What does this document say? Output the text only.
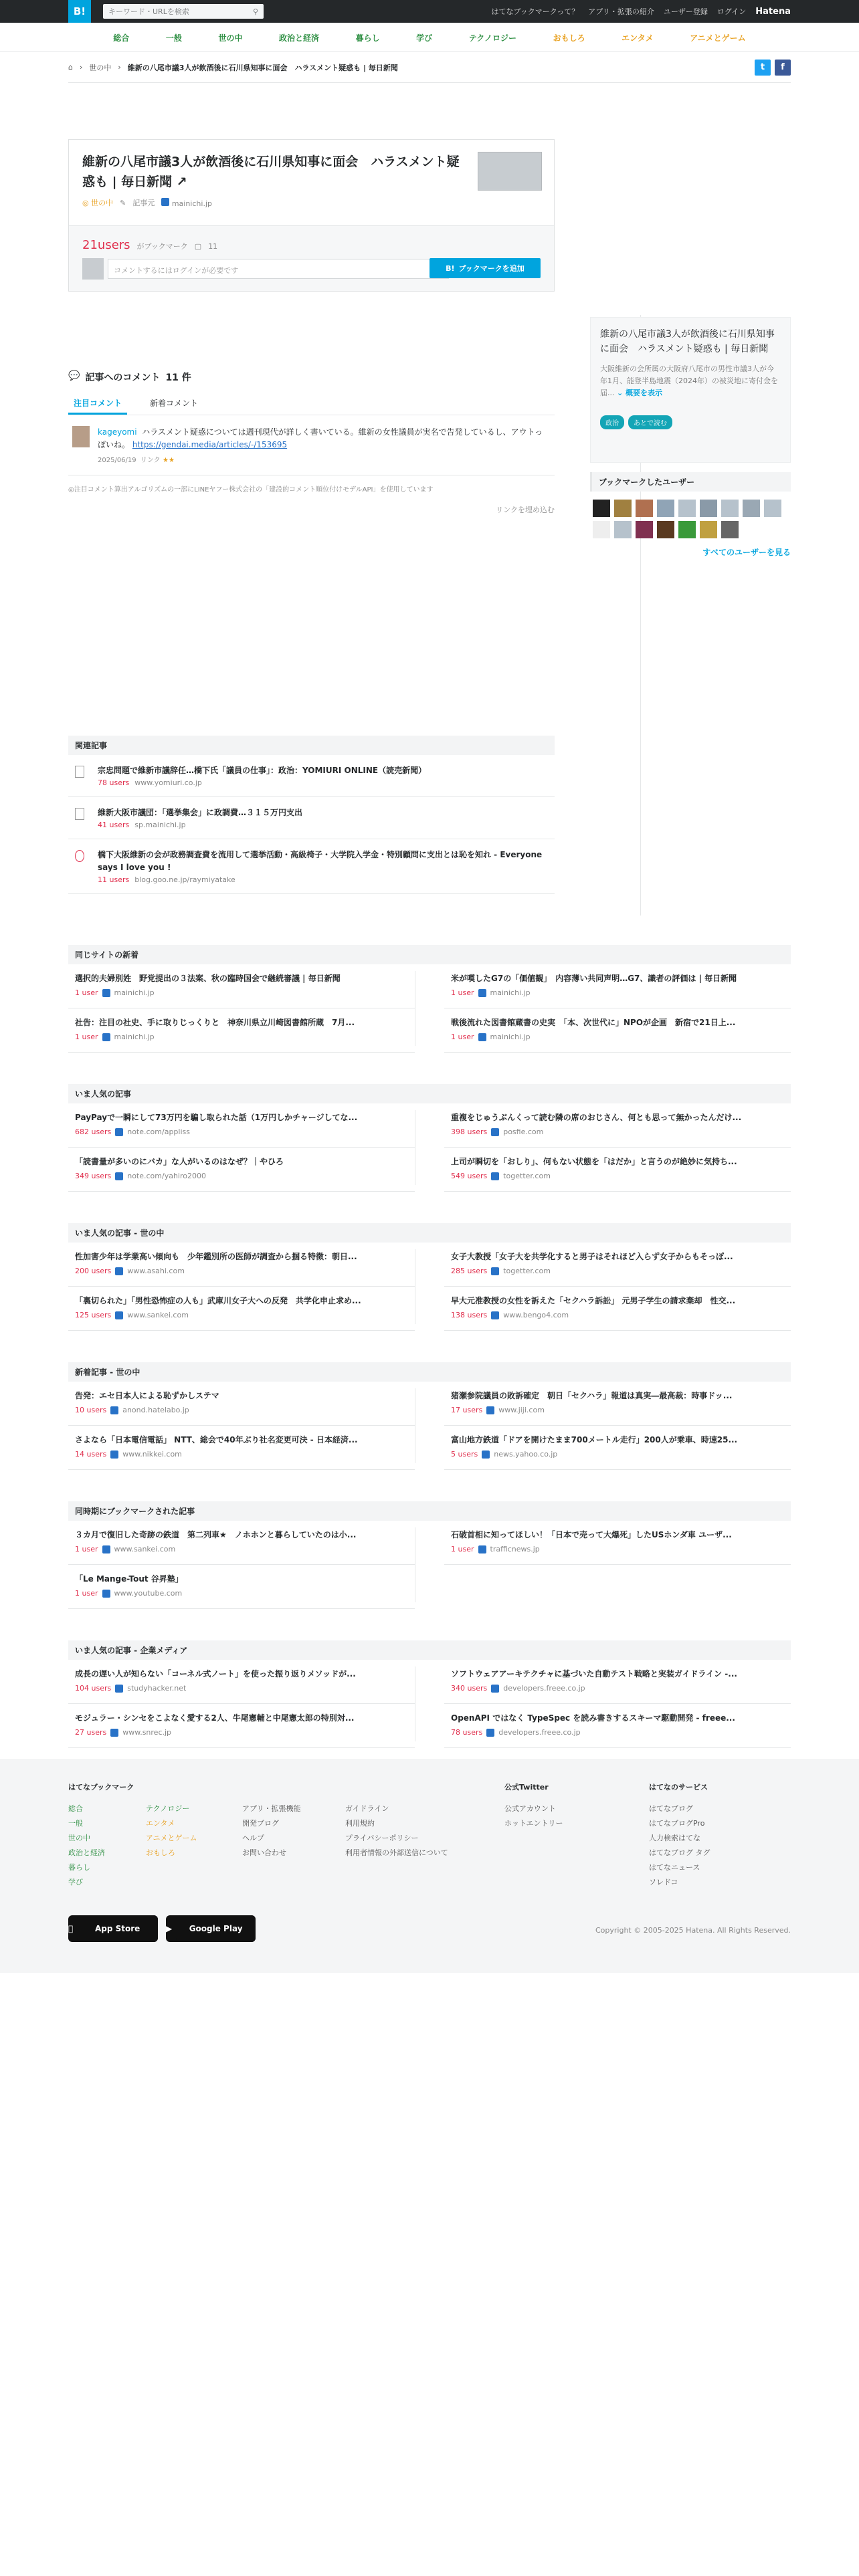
B!	キーワード・URLを検索	⚲	はてなブックマークって？ アプリ・拡張の紹介 ユーザー登録 ログイン Hatena
総合	一般	世の中	政治と経済	暮らし	学び	テクノロジー	おもしろ	エンタメ	アニメとゲーム
⌂ › 世の中 › 維新の八尾市議3人が飲酒後に石川県知事に面会　ハラスメント疑惑も | 毎日新聞	t	f
維新の八尾市議3人が飲酒後に石川県知事に面会　ハラスメント疑惑も | 毎日新聞 ↗
◎ 世の中 ✎ 記事元	mainichi.jp
21users がブックマーク ▢ 11
コメントするにはログインが必要です	B! ブックマークを追加
維新の八尾市議3人が飲酒後に石川県知事に面会　ハラスメント疑惑も | 毎日新聞

大阪維新の会所属の大阪府八尾市の男性市議3人が今年1月、能登半島地震（2024年）の被災地に寄付金を届... ⌄ 概要を表示

政治	あとで読む
ブックマークしたユーザー
すべてのユーザーを見る
💬 記事へのコメント 11 件
注目コメント	新着コメント
kageyomi ハラスメント疑惑については週刊現代が詳しく書いている。維新の女性議員が実名で告発しているし、アウトっぽいね。 https://gendai.media/articles/-/153695
2025/06/19 リンク ★★
◎注目コメント算出アルゴリズムの一部にLINEヤフー株式会社の「建設的コメント順位付けモデルAPI」を使用しています
リンクを埋め込む
関連記事
宗忠問題で維新市議辞任…橋下氏「議員の仕事」：政治：YOMIURI ONLINE（読売新聞）
78 users www.yomiuri.co.jp
維新大阪市議団：「選挙集会」に政調費…３１５万円支出
41 users sp.mainichi.jp
橋下大阪維新の会が政務調査費を流用して選挙活動・高級椅子・大学院入学金・特別顧問に支出とは恥を知れ - Everyone says I love you !
11 users blog.goo.ne.jp/raymiyatake
同じサイトの新着
選択的夫婦別姓　野党提出の３法案、秋の臨時国会で継続審議 | 毎日新聞
1 user mainichi.jp
米が嘆したG7の「価値観」　内容薄い共同声明…G7、識者の評価は | 毎日新聞
1 user mainichi.jp
社告：注目の社史、手に取りじっくりと　神奈川県立川崎図書館所蔵　7月...
1 user mainichi.jp
戦後流れた図書館蔵書の史実　「本、次世代に」NPOが企画　新宿で21日上...
1 user mainichi.jp
いま人気の記事
PayPayで一瞬にして73万円を騙し取られた話（1万円しかチャージしてな...
682 users note.com/appliss
重複をじゅうぶんくって読む隣の席のおじさん、何とも思って無かったんだけ...
398 users posfie.com
「読書量が多いのにバカ」な人がいるのはなぜ？｜やひろ
349 users note.com/yahiro2000
上司が瞬切を「おしり」、何もない状態を「はだか」と言うのが絶妙に気持ち...
549 users togetter.com
いま人気の記事 - 世の中
性加害少年は学業高い傾向も　少年鑑別所の医師が調査から掴る特徴：朝日...
200 users www.asahi.com
女子大教授「女子大を共学化すると男子はそれほど入らず女子からもそっぽ...
285 users togetter.com
「裏切られた」「男性恐怖症の人も」武庫川女子大への反発　共学化申止求め...
125 users www.sankei.com
早大元准教授の女性を訴えた「セクハラ訴訟」 元男子学生の請求棄却　性交...
138 users www.bengo4.com
新着記事 - 世の中
告発：エセ日本人による恥ずかしステマ
10 users anond.hatelabo.jp
猪瀬参院議員の敗訴確定　朝日「セクハラ」報道は真実―最高裁：時事ドッ...
17 users www.jiji.com
さよなら「日本電信電話」 NTT、総会で40年ぶり社名変更可決 - 日本経済...
14 users www.nikkei.com
富山地方鉄道「ドアを開けたまま700メートル走行」200人が乗車、時速25...
5 users news.yahoo.co.jp
同時期にブックマークされた記事
３カ月で復旧した奇跡の鉄道　第二列車★　ノホホンと暮らしていたのは小...
1 user www.sankei.com
石破首相に知ってほしい！「日本で売って大爆死」したUSホンダ車 ユーザ...
1 user trafficnews.jp
「Le Mange-Tout 谷昇塾」
1 user www.youtube.com
いま人気の記事 - 企業メディア
成長の遅い人が知らない「コーネル式ノート」を使った振り返りメソッドが...
104 users studyhacker.net
ソフトウェアアーキテクチャに基づいた自動テスト戦略と実装ガイドライン -...
340 users developers.freee.co.jp
モジュラー・シンセをこよなく愛する2人、牛尾憲輔と中尾憲太郎の特別対...
27 users www.snrec.jp
OpenAPI ではなく TypeSpec を読み書きするスキーマ駆動開発 - freee...
78 users developers.freee.co.jp
はてなブックマーク
総合
一般
世の中
政治と経済
暮らし
学び
テクノロジー
エンタメ
アニメとゲーム
おもしろ
アプリ・拡張機能
開発ブログ
ヘルプ
お問い合わせ
ガイドライン
利用規約
プライバシーポリシー
利用者情報の外部送信について
公式Twitter
公式アカウント
ホットエントリー
はてなのサービス
はてなブログ
はてなブログPro
人力検索はてな
はてなブログ タグ
はてなニュース
ソレドコ
App Store	▶	Google Play	Copyright © 2005-2025 Hatena. All Rights Reserved.
